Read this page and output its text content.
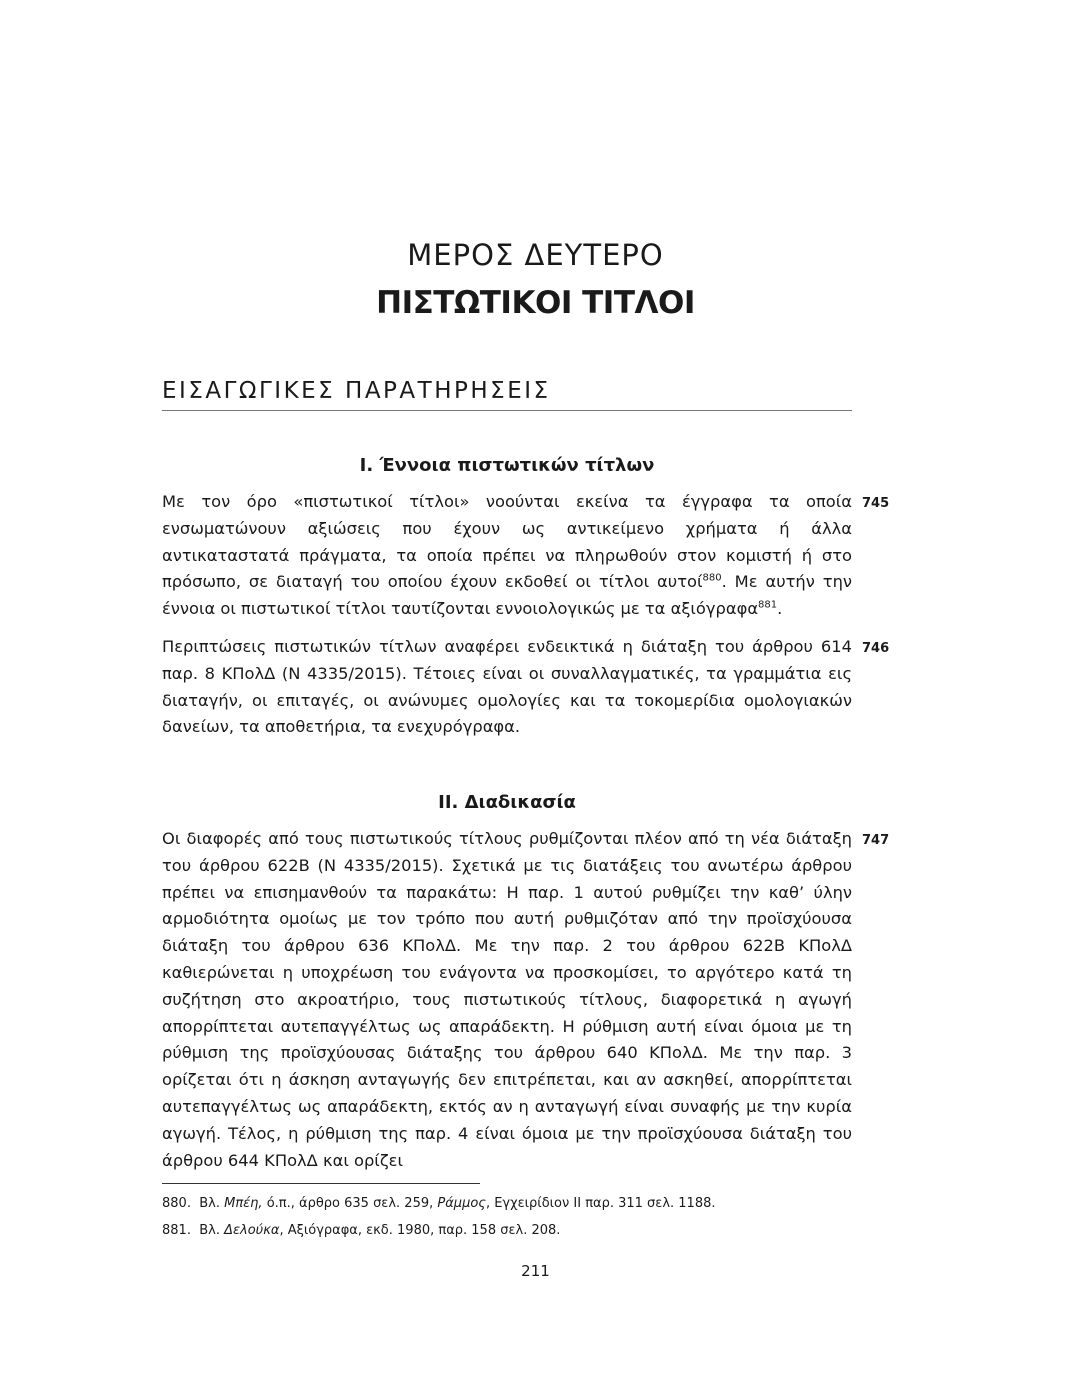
ΜΕΡΟΣ ΔΕΥΤΕΡΟ
ΠΙΣΤΩΤΙΚΟΙ ΤΙΤΛΟΙ
ΕΙΣΑΓΩΓΙΚΕΣ ΠΑΡΑΤΗΡΗΣΕΙΣ
Ι. Έννοια πιστωτικών τίτλων
Με τον όρο «πιστωτικοί τίτλοι» νοούνται εκείνα τα έγγραφα τα οποία ενσωματώνουν αξιώσεις που έχουν ως αντικείμενο χρήματα ή άλλα αντικαταστατά πράγματα, τα οποία πρέπει να πληρωθούν στον κομιστή ή στο πρόσωπο, σε διαταγή του οποίου έχουν εκδοθεί οι τίτλοι αυτοί$^{880}$. Με αυτήν την έννοια οι πιστωτικοί τίτλοι ταυτίζονται εννοιολογικώς με τα αξιόγραφα$^{881}$.
745
Περιπτώσεις πιστωτικών τίτλων αναφέρει ενδεικτικά η διάταξη του άρθρου 614 παρ. 8 ΚΠολΔ (Ν 4335/2015). Τέτοιες είναι οι συναλλαγματικές, τα γραμμάτια εις διαταγήν, οι επιταγές, οι ανώνυμες ομολογίες και τα τοκομερίδια ομολογιακών δανείων, τα αποθετήρια, τα ενεχυρόγραφα.
746
ΙΙ. Διαδικασία
Οι διαφορές από τους πιστωτικούς τίτλους ρυθμίζονται πλέον από τη νέα διάταξη του άρθρου 622Β (Ν 4335/2015). Σχετικά με τις διατάξεις του ανωτέρω άρθρου πρέπει να επισημανθούν τα παρακάτω: Η παρ. 1 αυτού ρυθμίζει την καθ’ ύλην αρμοδιότητα ομοίως με τον τρόπο που αυτή ρυθμιζόταν από την προϊσχύουσα διάταξη του άρθρου 636 ΚΠολΔ. Με την παρ. 2 του άρθρου 622Β ΚΠολΔ καθιερώνεται η υποχρέωση του ενάγοντα να προσκομίσει, το αργότερο κατά τη συζήτηση στο ακροατήριο, τους πιστωτικούς τίτλους, διαφορετικά η αγωγή απορρίπτεται αυτεπαγγέλτως ως απαράδεκτη. Η ρύθμιση αυτή είναι όμοια με τη ρύθμιση της προϊσχύουσας διάταξης του άρθρου 640 ΚΠολΔ. Με την παρ. 3 ορίζεται ότι η άσκηση ανταγωγής δεν επιτρέπεται, και αν ασκηθεί, απορρίπτεται αυτεπαγγέλτως ως απαράδεκτη, εκτός αν η ανταγωγή είναι συναφής με την κυρία αγωγή. Τέλος, η ρύθμιση της παρ. 4 είναι όμοια με την προϊσχύουσα διάταξη του άρθρου 644 ΚΠολΔ και ορίζει
747
880. Βλ. Μπέη, ό.π., άρθρο 635 σελ. 259, Ράμμος, Εγχειρίδιον ΙΙ παρ. 311 σελ. 1188.
881. Βλ. Δελούκα, Αξιόγραφα, εκδ. 1980, παρ. 158 σελ. 208.
211
